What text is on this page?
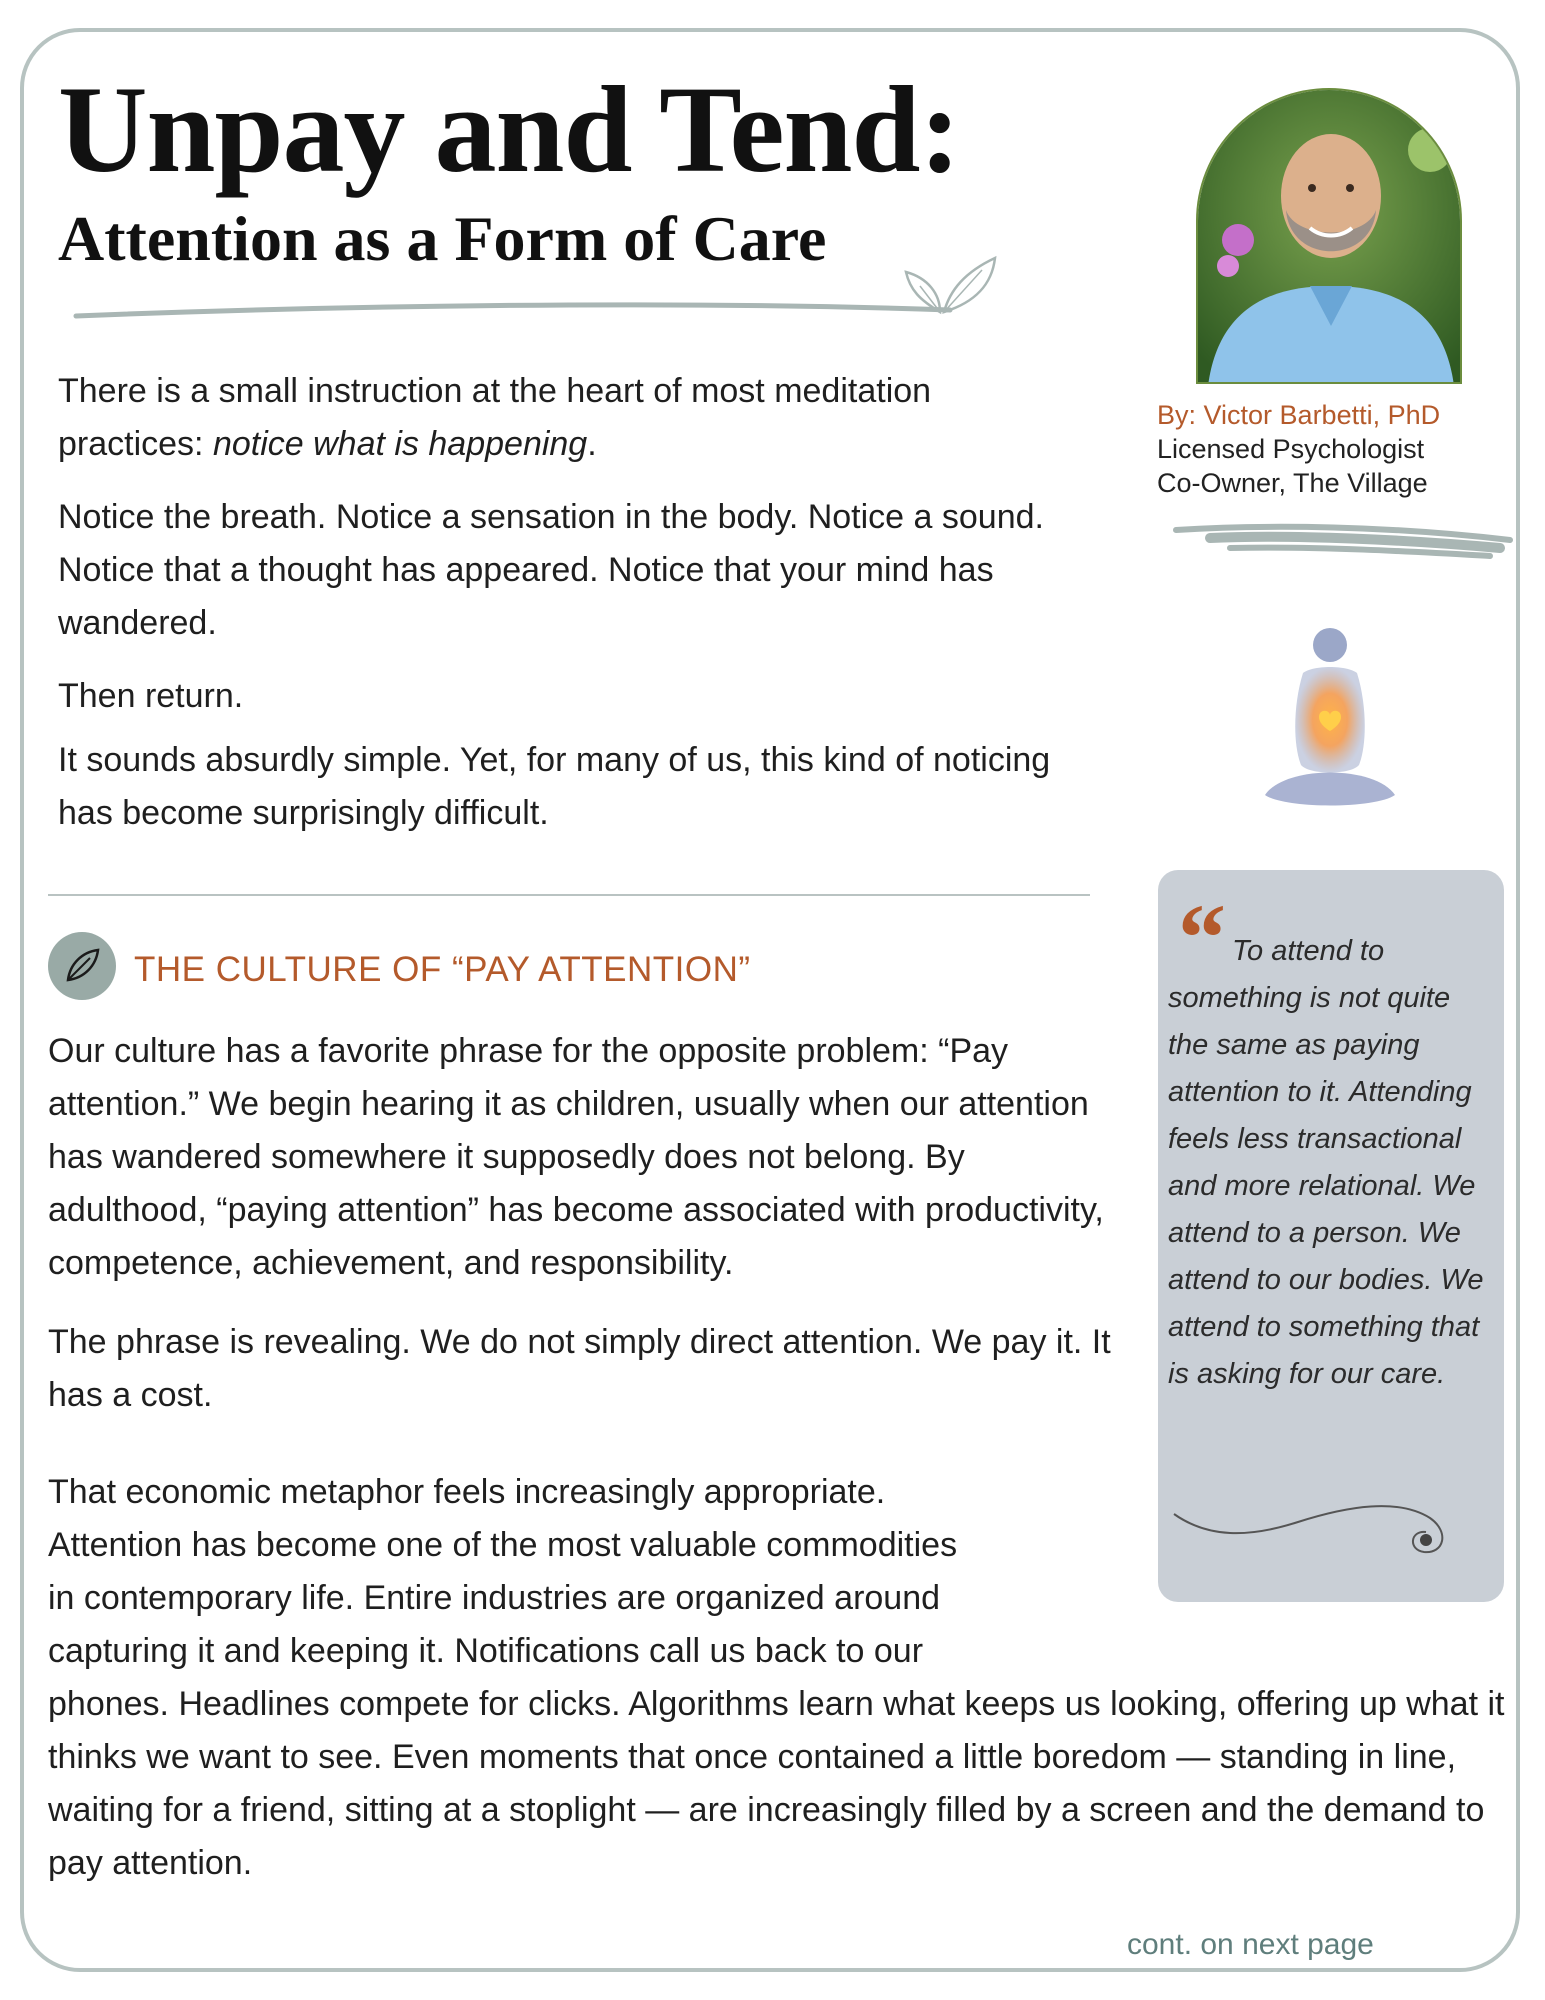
Unpay and Tend:
Attention as a Form of Care

There is a small instruction at the heart of most meditation practices: notice what is happening.

Notice the breath. Notice a sensation in the body. Notice a sound. Notice that a thought has appeared. Notice that your mind has wandered.

Then return.

It sounds absurdly simple. Yet, for many of us, this kind of noticing has become surprisingly difficult.

THE CULTURE OF “PAY ATTENTION”

Our culture has a favorite phrase for the opposite problem: “Pay attention.” We begin hearing it as children, usually when our attention has wandered somewhere it supposedly does not belong. By adulthood, “paying attention” has become associated with productivity, competence, achievement, and responsibility.

The phrase is revealing. We do not simply direct attention. We pay it. It has a cost.

That economic metaphor feels increasingly appropriate.
Attention has become one of the most valuable commodities
in contemporary life. Entire industries are organized around
capturing it and keeping it. Notifications call us back to our
phones. Headlines compete for clicks. Algorithms learn what keeps us looking, offering up what it thinks we want to see. Even moments that once contained a little boredom — standing in line, waiting for a friend, sitting at a stoplight — are increasingly filled by a screen and the demand to pay attention.

By: Victor Barbetti, PhD
Licensed Psychologist
Co-Owner, The Village
“ To attend to something is not quite the same as paying attention to it. Attending feels less transactional and more relational. We attend to a person. We attend to our bodies. We attend to something that is asking for our care.
cont. on next page
